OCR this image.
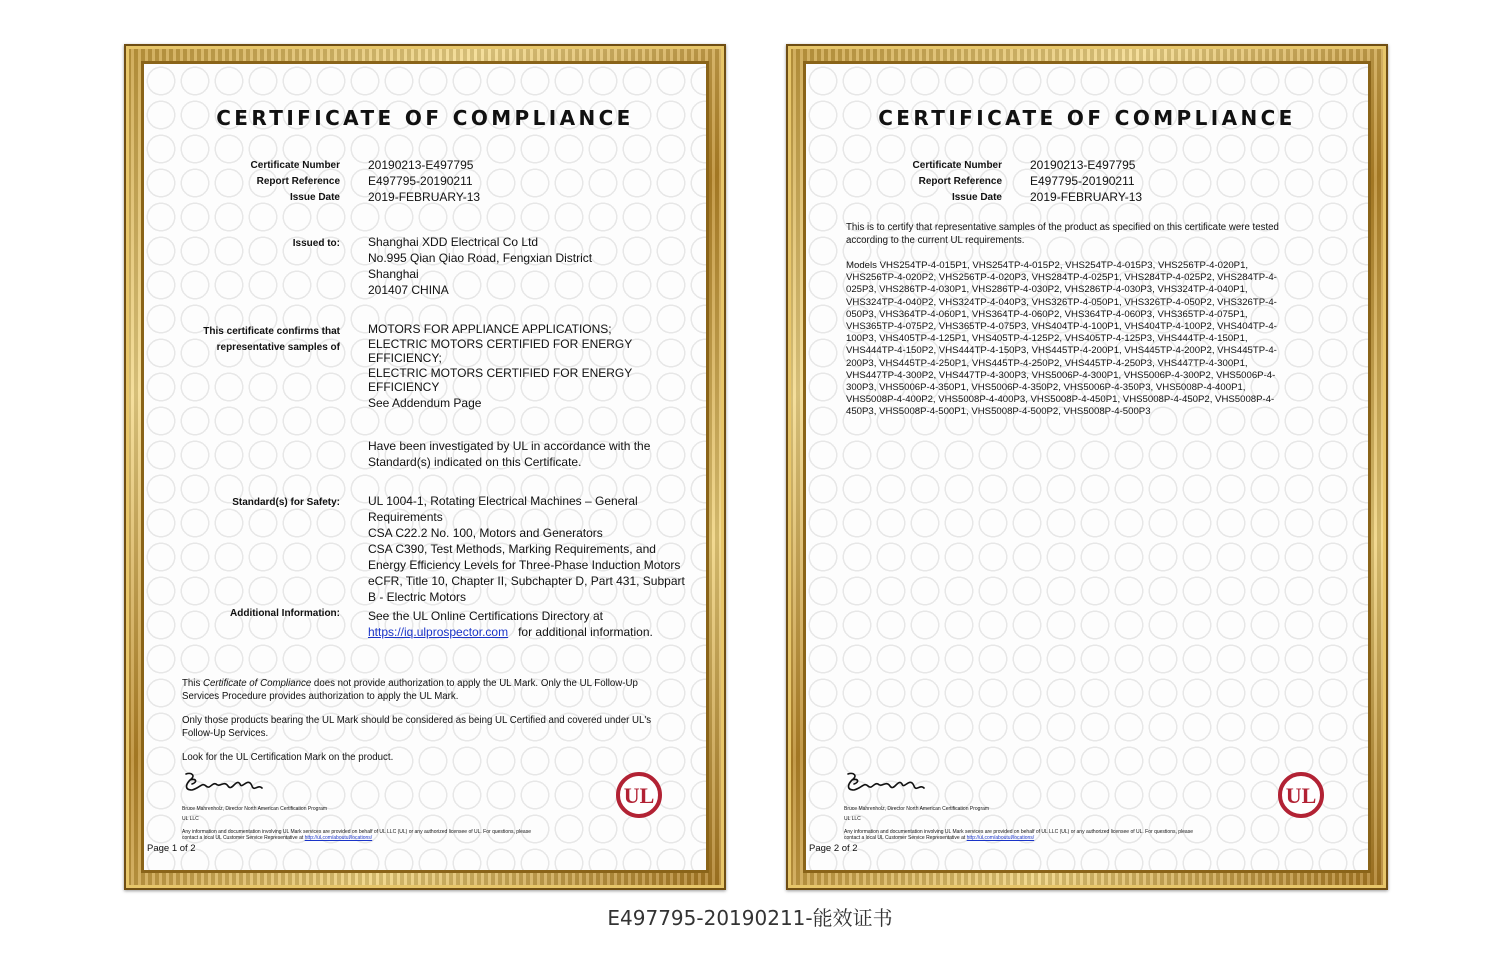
CERTIFICATE OF COMPLIANCE
Certificate Number 20190213-E497795
Report Reference E497795-20190211
Issue Date 2019-FEBRUARY-13
Issued to: Shanghai XDD Electrical Co Ltd
No.995 Qian Qiao Road, Fengxian District
Shanghai
201407 CHINA
This certificate confirms that
representative samples of
MOTORS FOR APPLIANCE APPLICATIONS;
ELECTRIC MOTORS CERTIFIED FOR ENERGY
EFFICIENCY;
ELECTRIC MOTORS CERTIFIED FOR ENERGY
EFFICIENCY
See Addendum Page
Have been investigated by UL in accordance with the
Standard(s) indicated on this Certificate.
Standard(s) for Safety: UL 1004-1, Rotating Electrical Machines – General
Requirements
CSA C22.2 No. 100, Motors and Generators
CSA C390, Test Methods, Marking Requirements, and
Energy Efficiency Levels for Three-Phase Induction Motors
eCFR, Title 10, Chapter II, Subchapter D, Part 431, Subpart
B - Electric Motors
Additional Information: See the UL Online Certifications Directory at
https://iq.ulprospector.com for additional information.
This Certificate of Compliance does not provide authorization to apply the UL Mark. Only the UL Follow-Up
Services Procedure provides authorization to apply the UL Mark.
Only those products bearing the UL Mark should be considered as being UL Certified and covered under UL's
Follow-Up Services.
Look for the UL Certification Mark on the product.
Bruce Mahrenholz, Director North American Certification Program
UL LLC
Any information and documentation involving UL Mark services are provided on behalf of UL LLC (UL) or any authorized licensee of UL. For questions, please
contact a local UL Customer Service Representative at http://ul.com/aboutul/locations/
UL
Page 1 of 2
CERTIFICATE OF COMPLIANCE
Certificate Number 20190213-E497795
Report Reference E497795-20190211
Issue Date 2019-FEBRUARY-13
This is to certify that representative samples of the product as specified on this certificate were tested
according to the current UL requirements.
Models VHS254TP-4-015P1, VHS254TP-4-015P2, VHS254TP-4-015P3, VHS256TP-4-020P1,
VHS256TP-4-020P2, VHS256TP-4-020P3, VHS284TP-4-025P1, VHS284TP-4-025P2, VHS284TP-4-
025P3, VHS286TP-4-030P1, VHS286TP-4-030P2, VHS286TP-4-030P3, VHS324TP-4-040P1,
VHS324TP-4-040P2, VHS324TP-4-040P3, VHS326TP-4-050P1, VHS326TP-4-050P2, VHS326TP-4-
050P3, VHS364TP-4-060P1, VHS364TP-4-060P2, VHS364TP-4-060P3, VHS365TP-4-075P1,
VHS365TP-4-075P2, VHS365TP-4-075P3, VHS404TP-4-100P1, VHS404TP-4-100P2, VHS404TP-4-
100P3, VHS405TP-4-125P1, VHS405TP-4-125P2, VHS405TP-4-125P3, VHS444TP-4-150P1,
VHS444TP-4-150P2, VHS444TP-4-150P3, VHS445TP-4-200P1, VHS445TP-4-200P2, VHS445TP-4-
200P3, VHS445TP-4-250P1, VHS445TP-4-250P2, VHS445TP-4-250P3, VHS447TP-4-300P1,
VHS447TP-4-300P2, VHS447TP-4-300P3, VHS5006P-4-300P1, VHS5006P-4-300P2, VHS5006P-4-
300P3, VHS5006P-4-350P1, VHS5006P-4-350P2, VHS5006P-4-350P3, VHS5008P-4-400P1,
VHS5008P-4-400P2, VHS5008P-4-400P3, VHS5008P-4-450P1, VHS5008P-4-450P2, VHS5008P-4-
450P3, VHS5008P-4-500P1, VHS5008P-4-500P2, VHS5008P-4-500P3
Bruce Mahrenholz, Director North American Certification Program
UL LLC
Any information and documentation involving UL Mark services are provided on behalf of UL LLC (UL) or any authorized licensee of UL. For questions, please
contact a local UL Customer Service Representative at http://ul.com/aboutul/locations/
UL
Page 2 of 2
E497795-20190211-能效证书
